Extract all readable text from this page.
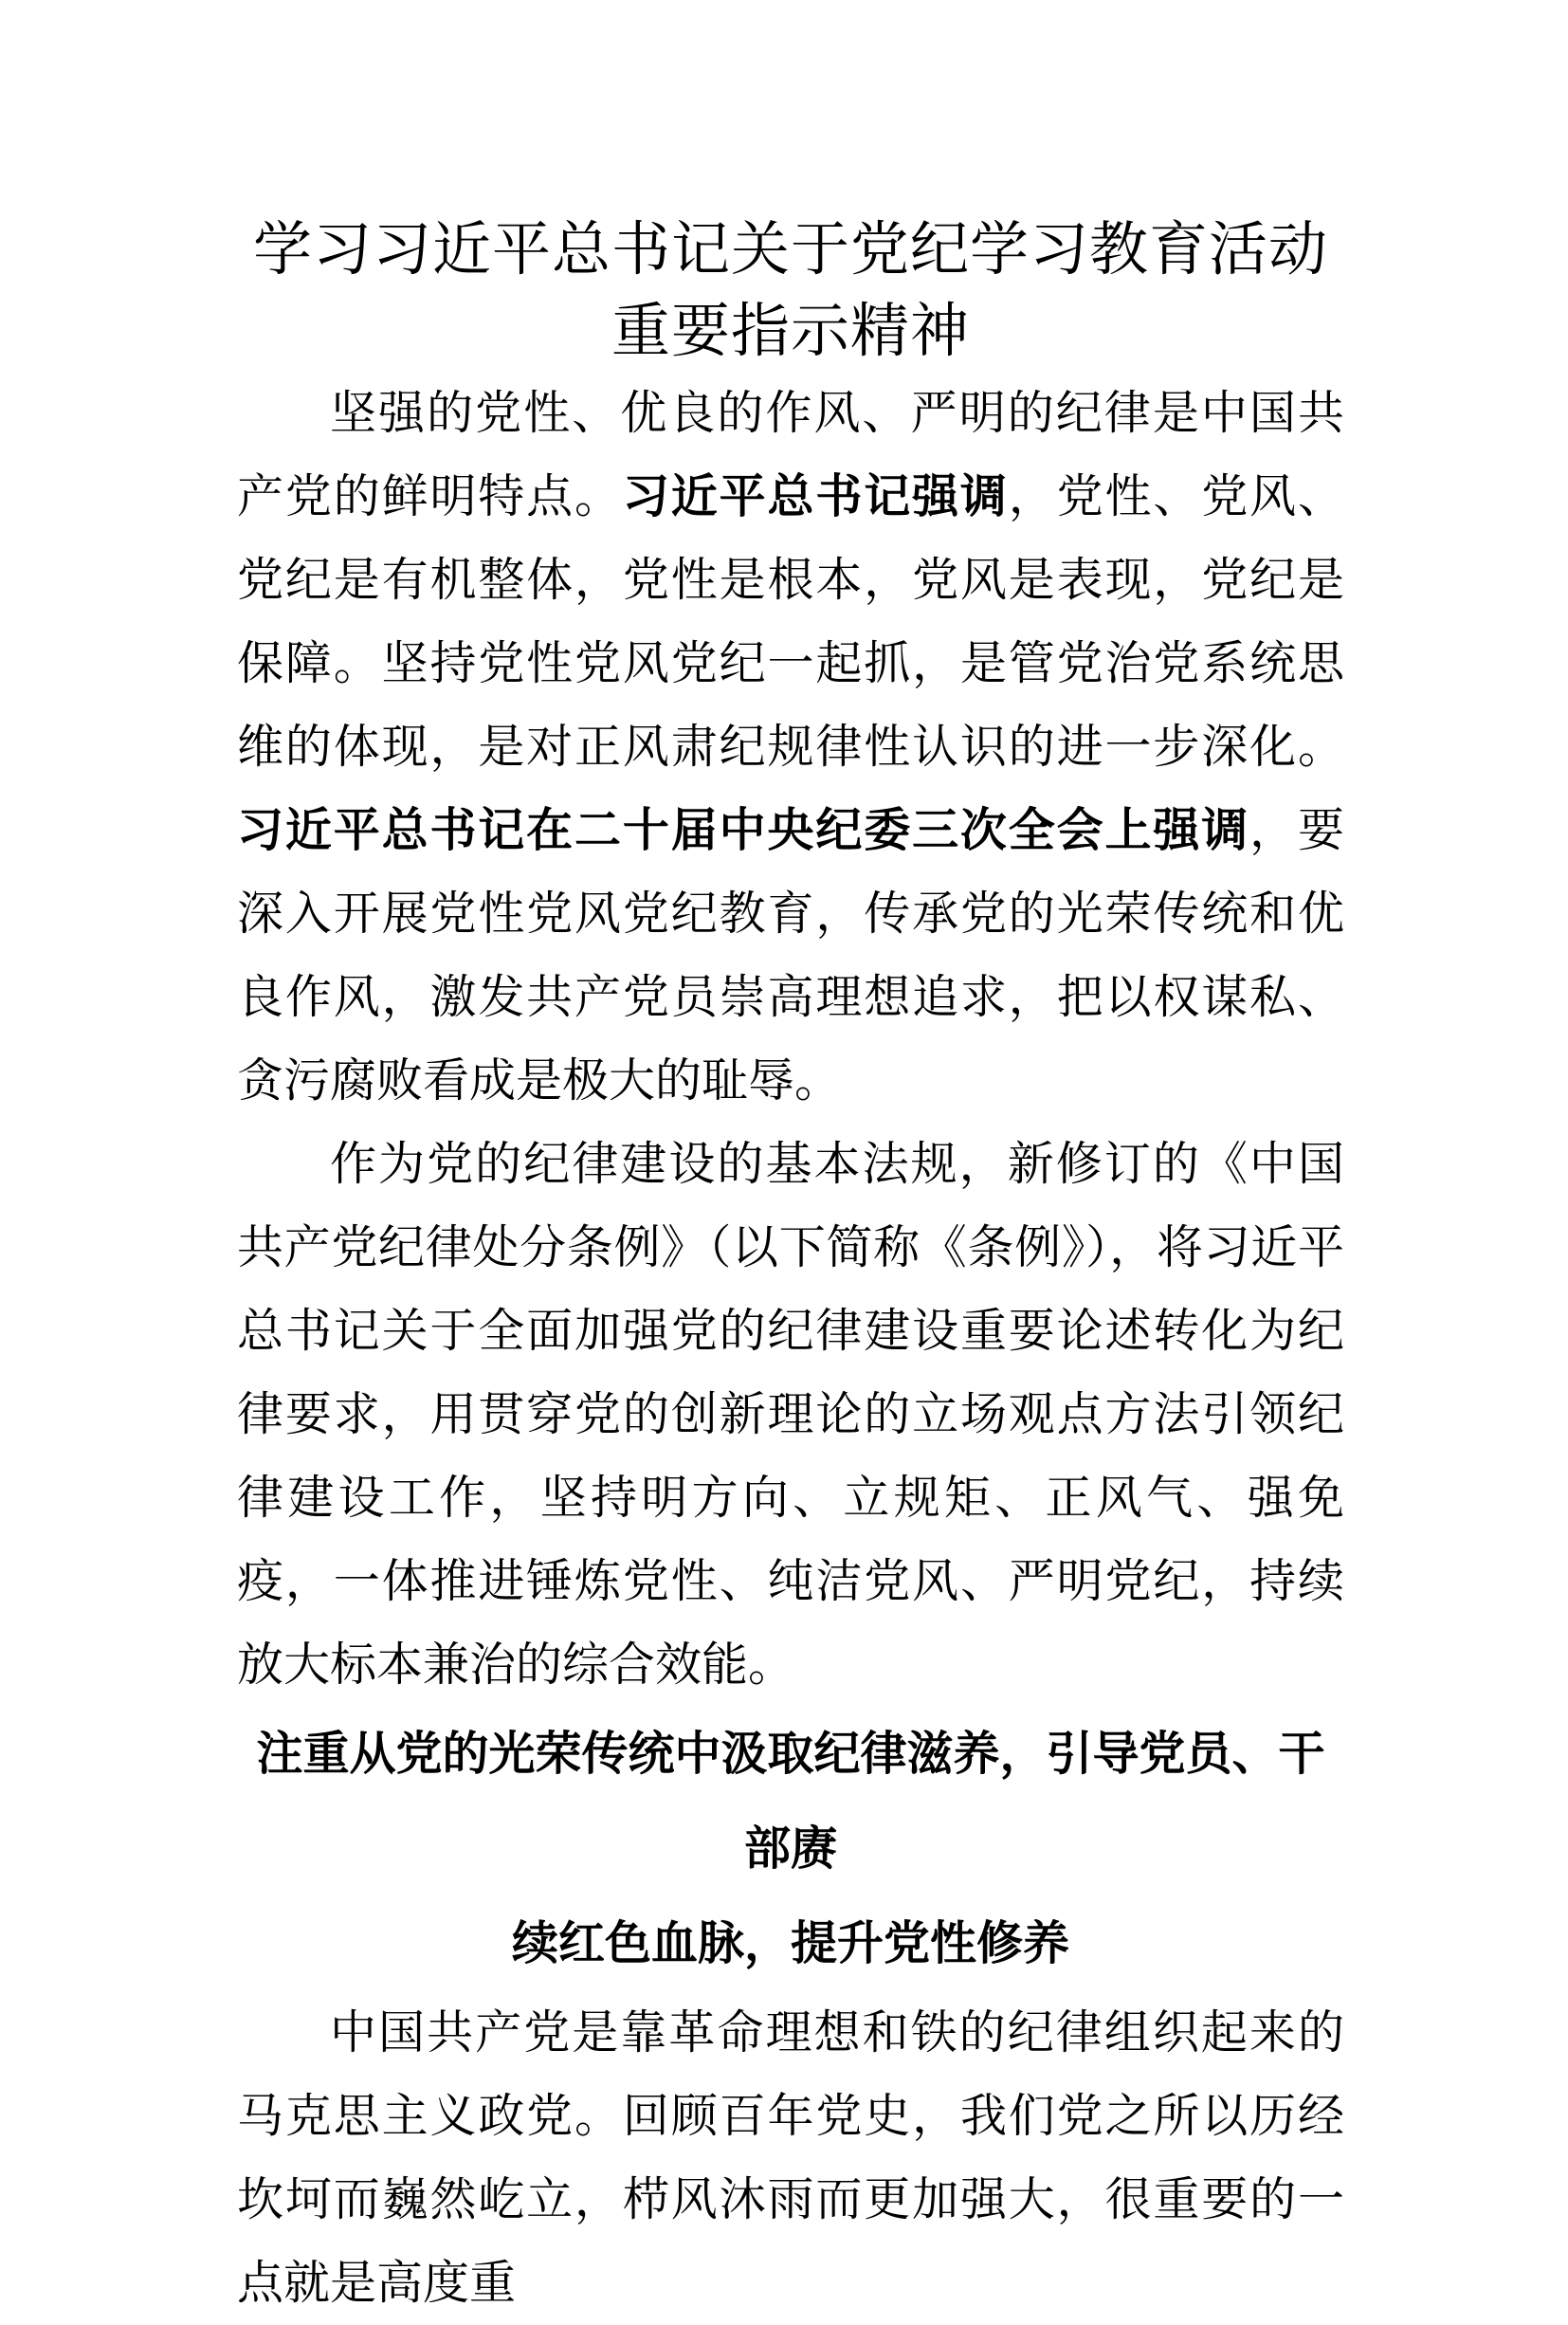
学习习近平总书记关于党纪学习教育活动
重要指示精神

坚强的党性、优良的作风、严明的纪律是中国共产党的鲜明特点。习近平总书记强调，党性、党风、党纪是有机整体，党性是根本，党风是表现，党纪是保障。坚持党性党风党纪一起抓，是管党治党系统思维的体现，是对正风肃纪规律性认识的进一步深化。习近平总书记在二十届中央纪委三次全会上强调，要深入开展党性党风党纪教育，传承党的光荣传统和优良作风，激发共产党员崇高理想追求，把以权谋私、贪污腐败看成是极大的耻辱。

作为党的纪律建设的基本法规，新修订的《中国共产党纪律处分条例》（以下简称《条例》），将习近平总书记关于全面加强党的纪律建设重要论述转化为纪律要求，用贯穿党的创新理论的立场观点方法引领纪律建设工作，坚持明方向、立规矩、正风气、强免疫，一体推进锤炼党性、纯洁党风、严明党纪，持续放大标本兼治的综合效能。

注重从党的光荣传统中汲取纪律滋养，引导党员、干部赓
续红色血脉，提升党性修养

中国共产党是靠革命理想和铁的纪律组织起来的马克思主义政党。回顾百年党史，我们党之所以历经坎坷而巍然屹立，栉风沐雨而更加强大，很重要的一点就是高度重
